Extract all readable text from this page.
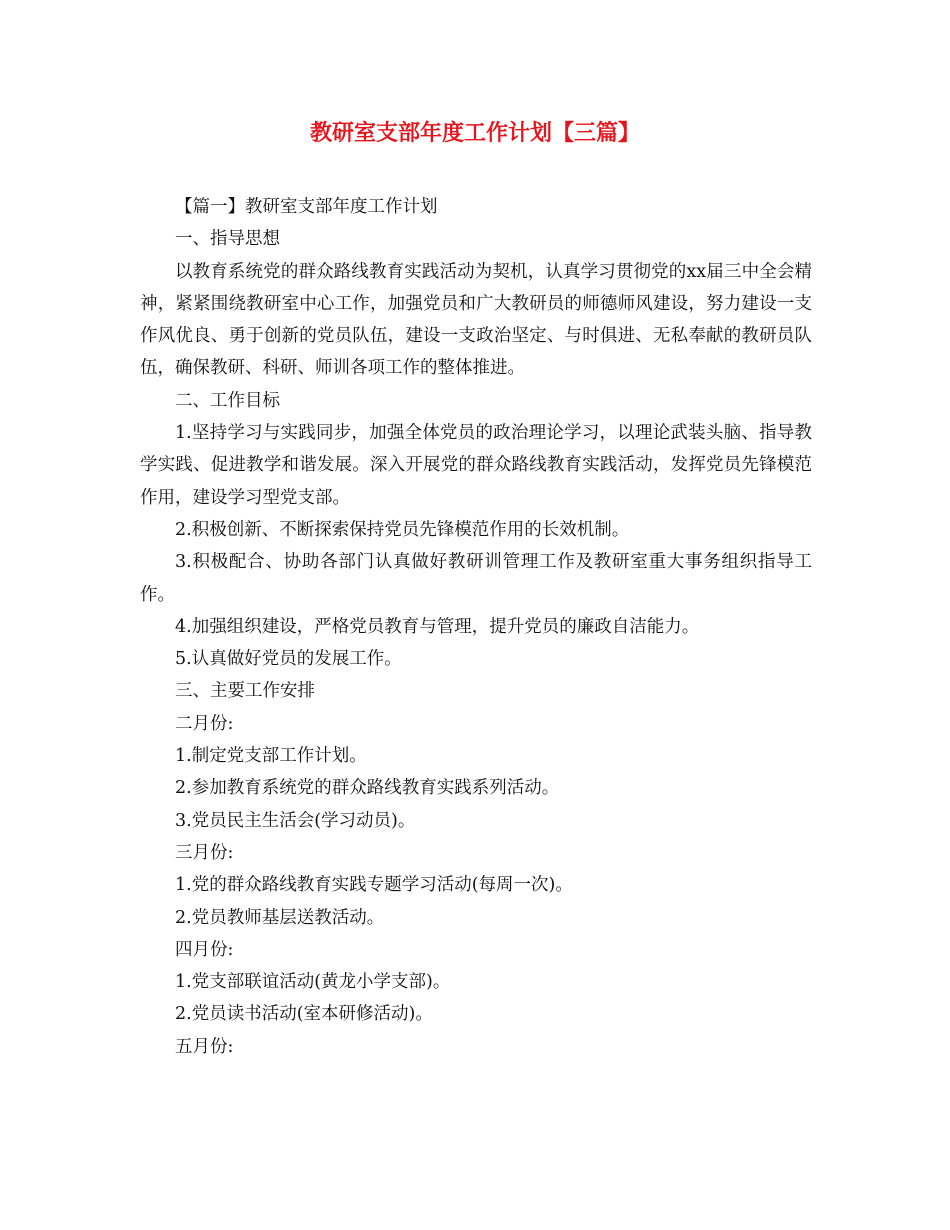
教研室支部年度工作计划【三篇】

【篇一】教研室支部年度工作计划

一、指导思想

以教育系统党的群众路线教育实践活动为契机，认真学习贯彻党的xx届三中全会精神，紧紧围绕教研室中心工作，加强党员和广大教研员的师德师风建设，努力建设一支作风优良、勇于创新的党员队伍，建设一支政治坚定、与时俱进、无私奉献的教研员队伍，确保教研、科研、师训各项工作的整体推进。

二、工作目标

1.坚持学习与实践同步，加强全体党员的政治理论学习，以理论武装头脑、指导教学实践、促进教学和谐发展。深入开展党的群众路线教育实践活动，发挥党员先锋模范作用，建设学习型党支部。

2.积极创新、不断探索保持党员先锋模范作用的长效机制。

3.积极配合、协助各部门认真做好教研训管理工作及教研室重大事务组织指导工作。

4.加强组织建设，严格党员教育与管理，提升党员的廉政自洁能力。

5.认真做好党员的发展工作。

三、主要工作安排

二月份:

1.制定党支部工作计划。

2.参加教育系统党的群众路线教育实践系列活动。

3.党员民主生活会(学习动员)。

三月份:

1.党的群众路线教育实践专题学习活动(每周一次)。

2.党员教师基层送教活动。

四月份:

1.党支部联谊活动(黄龙小学支部)。

2.党员读书活动(室本研修活动)。

五月份:
